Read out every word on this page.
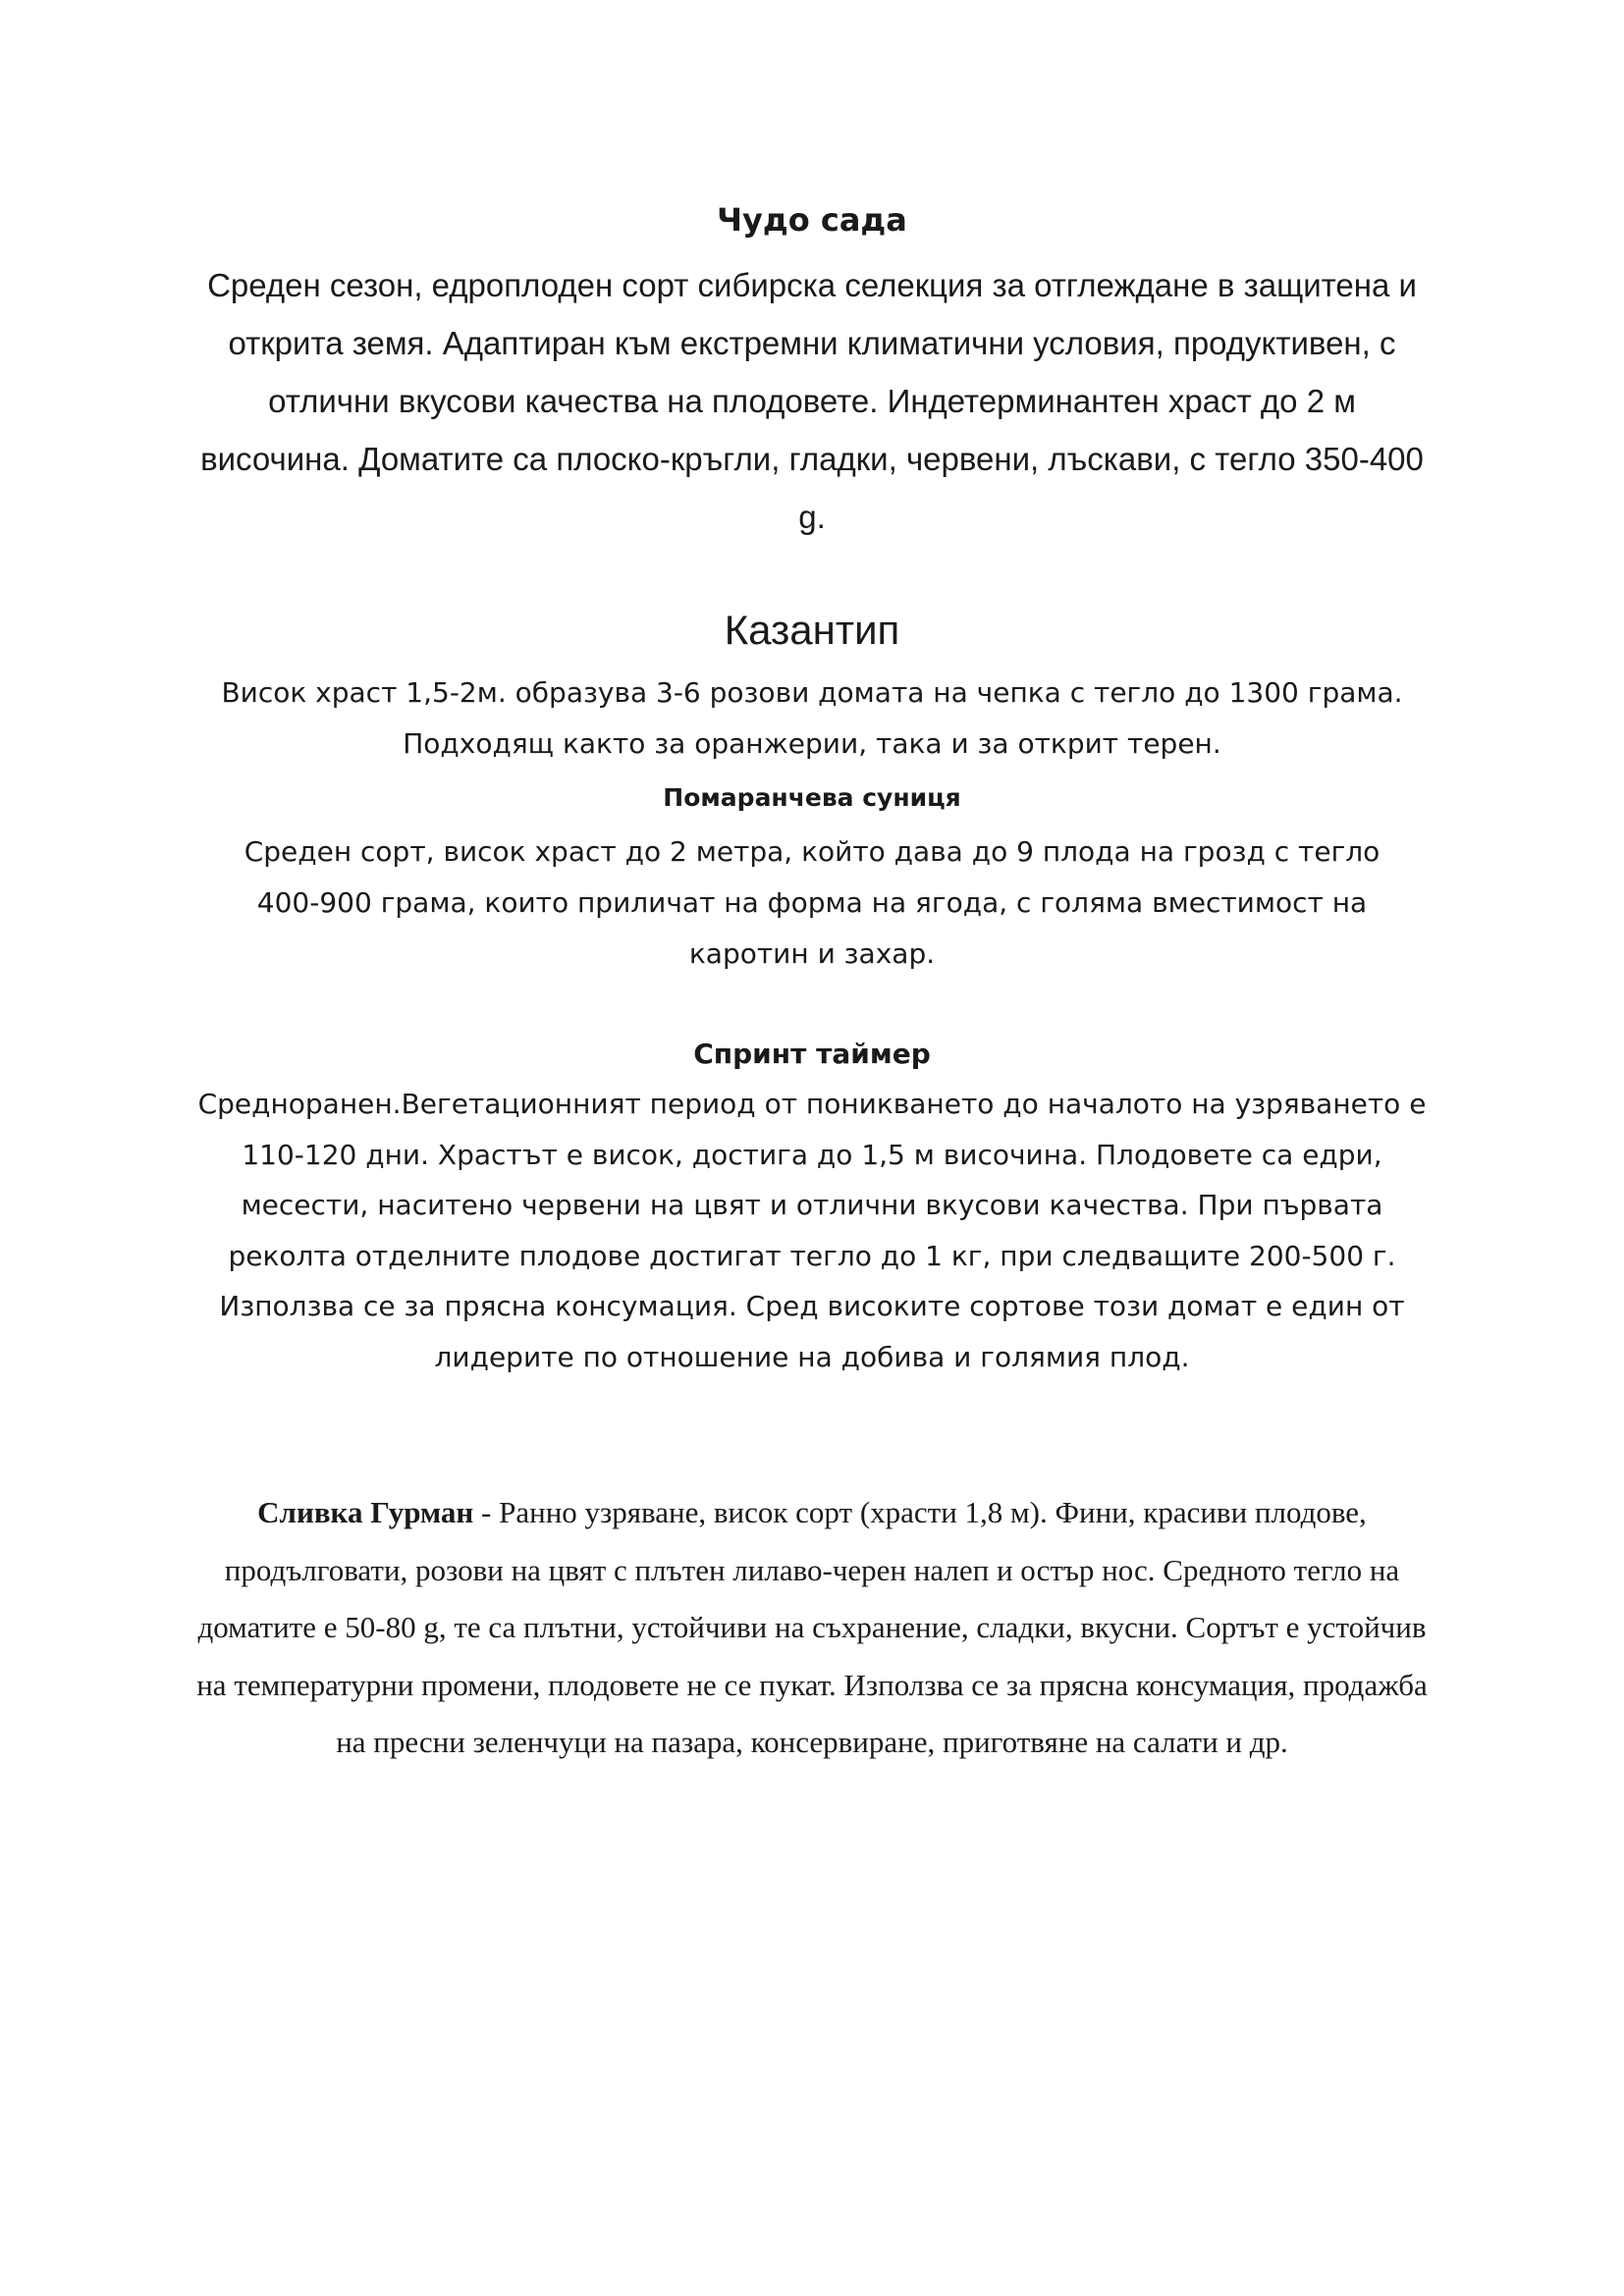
Чудо сада
Среден сезон, едроплоден сорт сибирска селекция за отглеждане в защитена и открита земя. Адаптиран към екстремни климатични условия, продуктивен, с отлични вкусови качества на плодовете. Индетерминантен храст до 2 м височина. Доматите са плоско-кръгли, гладки, червени, лъскави, с тегло 350-400 g.
Казантип
Висок храст 1,5-2м. образува 3-6 розови домата на чепка с тегло до 1300 грама. Подходящ както за оранжерии, така и за открит терен.
Помаранчева суниця
Среден сорт, висок храст до 2 метра, който дава до 9 плода на грозд с тегло 400-900 грама, които приличат на форма на ягода, с голяма вместимост на каротин и захар.
Спринт таймер
Средноранен.Вегетационният период от поникването до началото на узряването е 110-120 дни. Храстът е висок, достига до 1,5 м височина. Плодовете са едри, месести, наситено червени на цвят и отлични вкусови качества. При първата реколта отделните плодове достигат тегло до 1 кг, при следващите 200-500 г. Използва се за прясна консумация. Сред високите сортове този домат е един от лидерите по отношение на добива и голямия плод.
Сливка Гурман - Ранно узряване, висок сорт (храсти 1,8 м). Фини, красиви плодове, продълговати, розови на цвят с плътен лилаво-черен налеп и остър нос. Средното тегло на доматите е 50-80 g, те са плътни, устойчиви на съхранение, сладки, вкусни. Сортът е устойчив на температурни промени, плодовете не се пукат. Използва се за прясна консумация, продажба на пресни зеленчуци на пазара, консервиране, приготвяне на салати и др.
